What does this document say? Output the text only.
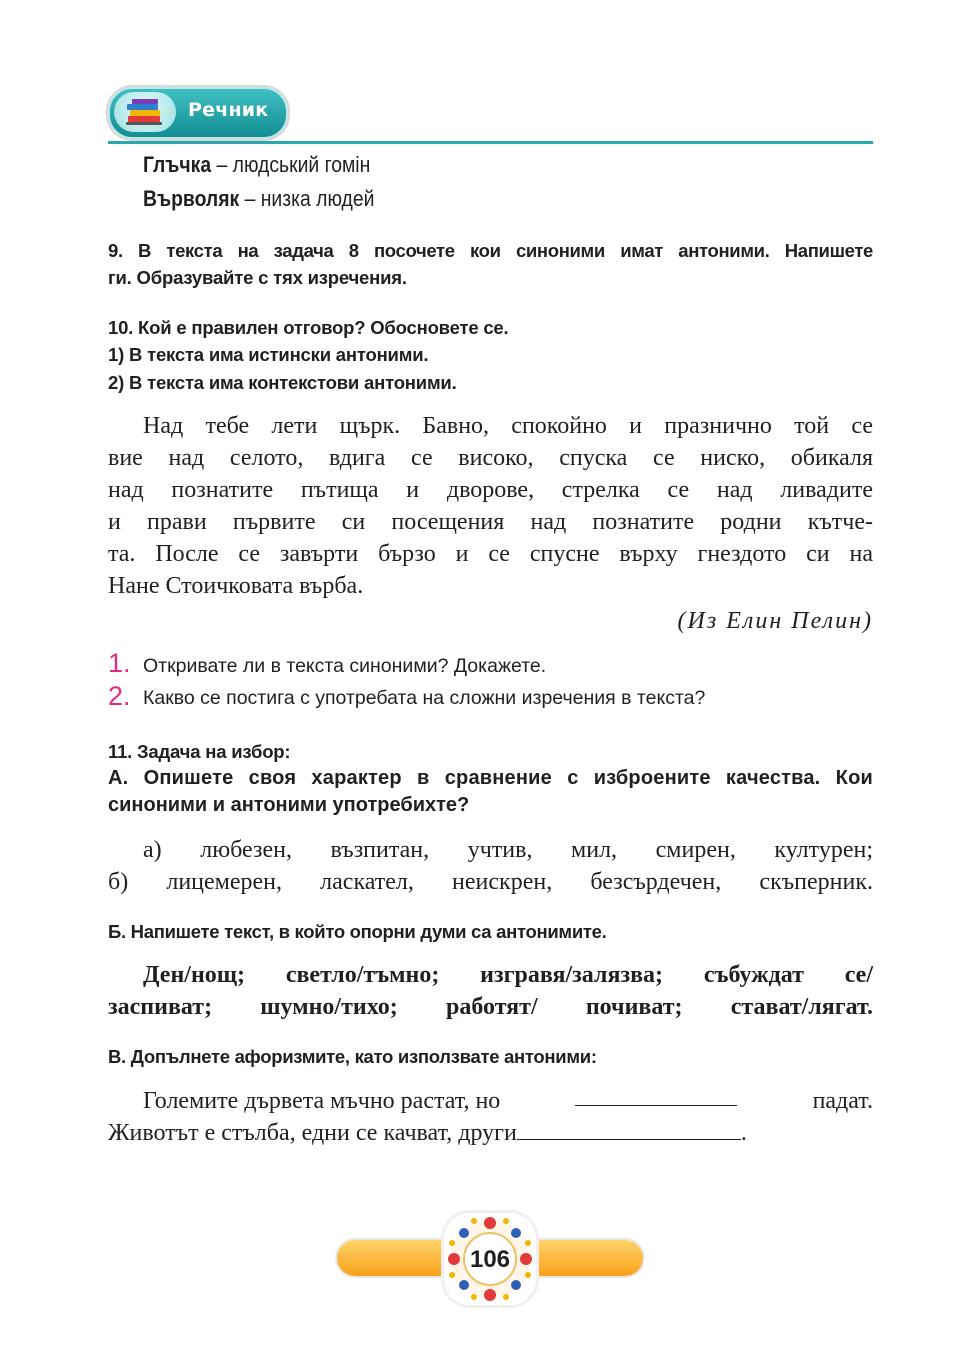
Речник
Глъчка – людський гомін
Върволяк – низка людей
9. В текста на задача 8 посочете кои синоними имат антоними. Напишете
ги. Образувайте с тях изречения.
10. Кой е правилен отговор? Обосновете се.
1) В текста има истински антоними.
2) В текста има контекстови антоними.
Над тебе лети щърк. Бавно, спокойно и празнично той се
вие над селото, вдига се високо, спуска се ниско, обикаля
над познатите пътища и дворове, стрелка се над ливадите
и прави първите си посещения над познатите родни кътче-
та. После се завърти бързо и се спусне върху гнездото си на
Нане Стоичковата върба.
(Из Елин Пелин)
1. Откривате ли в текста синоними? Докажете.
2. Какво се постига с употребата на сложни изречения в текста?
11. Задача на избор:
А. Опишете своя характер в сравнение с изброените качества. Кои
синоними и антоними употребихте?
а) любезен, възпитан, учтив, мил, смирен, културен;
б) лицемерен, ласкател, неискрен, безсърдечен, скъперник.
Б. Напишете текст, в който опорни думи са антонимите.
Ден/нощ; светло/тъмно; изгравя/залязва; събуждат се/
заспиват; шумно/тихо; работят/ почиват; стават/лягат.
В. Допълнете афоризмите, като използвате антоними:
Големите дървета мъчно растат, но	падат.
Животът е стълба, едни се качват, други	.
106
